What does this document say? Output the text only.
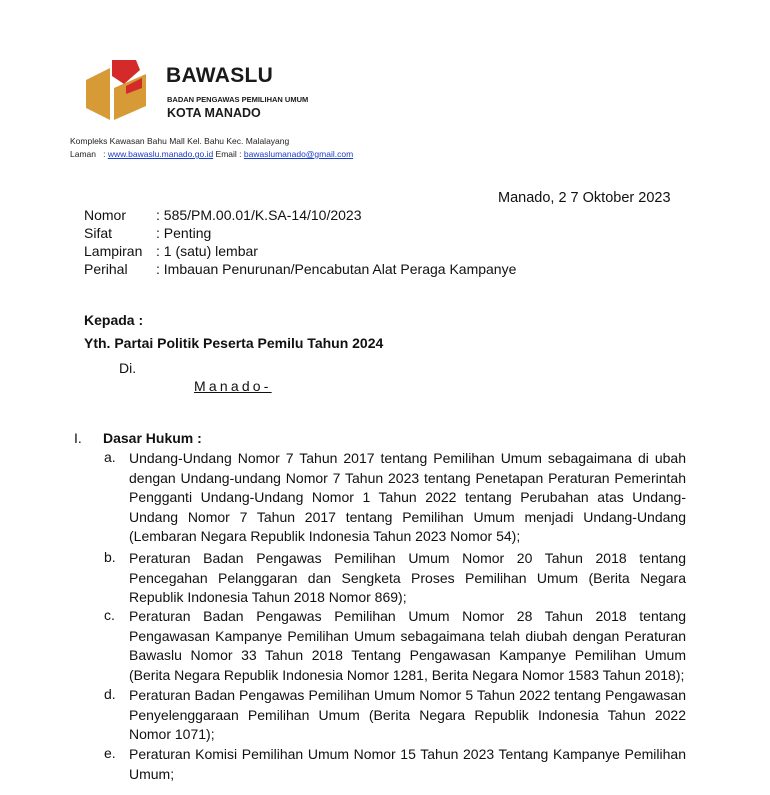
BAWASLU
BADAN PENGAWAS PEMILIHAN UMUM
KOTA MANADO
Kompleks Kawasan Bahu Mall Kel. Bahu Kec. Malalayang
Laman   : www.bawaslu.manado.go.id Email : bawaslumanado@gmail.com
Manado, 2 7 Oktober 2023
Nomor : 585/PM.00.01/K.SA-14/10/2023
Sifat	: Penting
Lampiran : 1 (satu) lembar
Perihal : Imbauan Penurunan/Pencabutan Alat Peraga Kampanye
Kepada :
Yth. Partai Politik Peserta Pemilu Tahun 2024
Di.
Manado-
I. Dasar Hukum :
a. Undang-Undang Nomor 7 Tahun 2017 tentang Pemilihan Umum sebagaimana di ubah dengan Undang-undang Nomor 7 Tahun 2023 tentang Penetapan Peraturan Pemerintah Pengganti Undang-Undang Nomor 1 Tahun 2022 tentang Perubahan atas Undang-Undang Nomor 7 Tahun 2017 tentang Pemilihan Umum menjadi Undang-Undang (Lembaran Negara Republik Indonesia Tahun 2023 Nomor 54);
b. Peraturan Badan Pengawas Pemilihan Umum Nomor 20 Tahun 2018 tentang Pencegahan Pelanggaran dan Sengketa Proses Pemilihan Umum (Berita Negara Republik Indonesia Tahun 2018 Nomor 869);
c. Peraturan Badan Pengawas Pemilihan Umum Nomor 28 Tahun 2018 tentang Pengawasan Kampanye Pemilihan Umum sebagaimana telah diubah dengan Peraturan Bawaslu Nomor 33 Tahun 2018 Tentang Pengawasan Kampanye Pemilihan Umum (Berita Negara Republik Indonesia Nomor 1281, Berita Negara Nomor 1583 Tahun 2018);
d. Peraturan Badan Pengawas Pemilihan Umum Nomor 5 Tahun 2022 tentang Pengawasan Penyelenggaraan Pemilihan Umum (Berita Negara Republik Indonesia Tahun 2022 Nomor 1071);
e. Peraturan Komisi Pemilihan Umum Nomor 15 Tahun 2023 Tentang Kampanye Pemilihan Umum;
